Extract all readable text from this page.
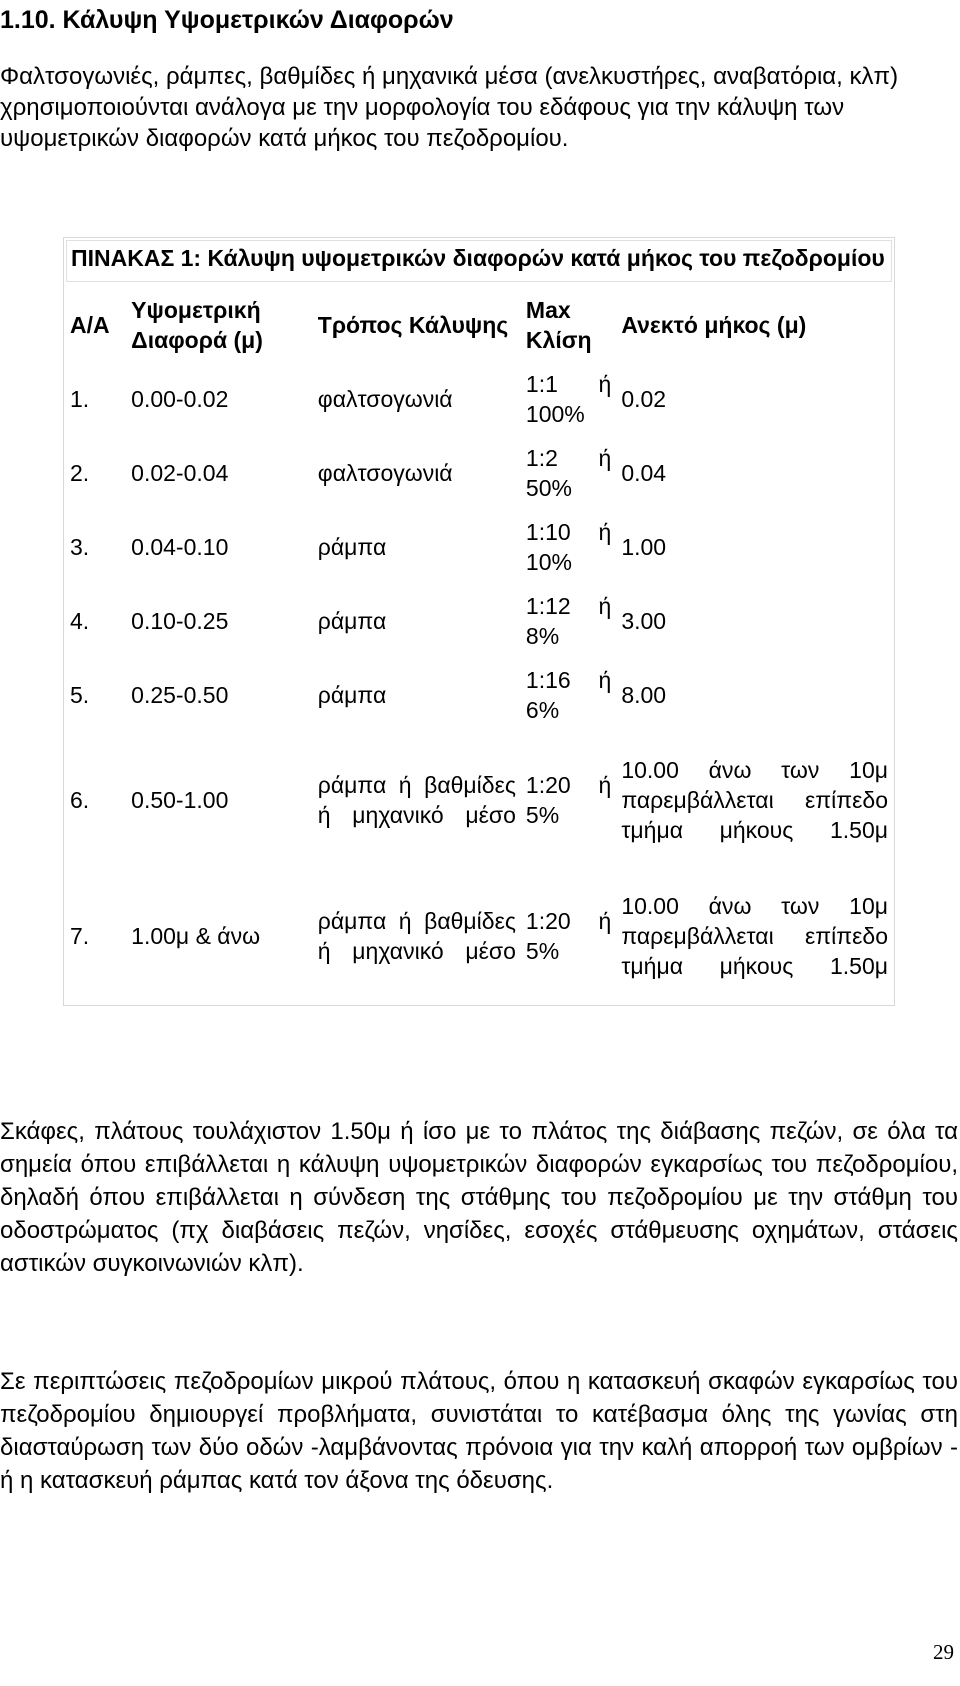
1.10. Κάλυψη Υψομετρικών Διαφορών

Φαλτσογωνιές, ράμπες, βαθμίδες ή μηχανικά μέσα (ανελκυστήρες, αναβατόρια, κλπ) χρησιμοποιούνται ανάλογα με την μορφολογία του εδάφους για την κάλυψη των υψομετρικών διαφορών κατά μήκος του πεζοδρομίου.

ΠΙΝΑΚΑΣ 1: Κάλυψη υψομετρικών διαφορών κατά μήκος του πεζοδρομίου				
Α/Α	Υψομετρική Διαφορά (μ)	Τρόπος Κάλυψης	Max Κλίση	Ανεκτό μήκος (μ)
1.	0.00-0.02	φαλτσογωνιά	1:1 ή 100%	0.02
2.	0.02-0.04	φαλτσογωνιά	1:2 ή 50%	0.04
3.	0.04-0.10	ράμπα	1:10 ή 10%	1.00
4.	0.10-0.25	ράμπα	1:12 ή 8%	3.00
5.	0.25-0.50	ράμπα	1:16 ή 6%	8.00
6.	0.50-1.00	ράμπα ή βαθμίδες ή μηχανικό μέσο	1:20 ή 5%	10.00 άνω των 10μ παρεμβάλλεται επίπεδο τμήμα μήκους 1.50μ
7.	1.00μ & άνω	ράμπα ή βαθμίδες ή μηχανικό μέσο	1:20 ή 5%	10.00 άνω των 10μ παρεμβάλλεται επίπεδο τμήμα μήκους 1.50μ

Σκάφες, πλάτους τουλάχιστον 1.50μ ή ίσο με το πλάτος της διάβασης πεζών, σε όλα τα σημεία όπου επιβάλλεται η κάλυψη υψομετρικών διαφορών εγκαρσίως του πεζοδρομίου, δηλαδή όπου επιβάλλεται η σύνδεση της στάθμης του πεζοδρομίου με την στάθμη του οδοστρώματος (πχ διαβάσεις πεζών, νησίδες, εσοχές στάθμευσης οχημάτων, στάσεις αστικών συγκοινωνιών κλπ).

Σε περιπτώσεις πεζοδρομίων μικρού πλάτους, όπου η κατασκευή σκαφών εγκαρσίως του πεζοδρομίου δημιουργεί προβλήματα, συνιστάται το κατέβασμα όλης της γωνίας στη διασταύρωση των δύο οδών -λαμβάνοντας πρόνοια για την καλή απορροή των ομβρίων - ή η κατασκευή ράμπας κατά τον άξονα της όδευσης.

29
